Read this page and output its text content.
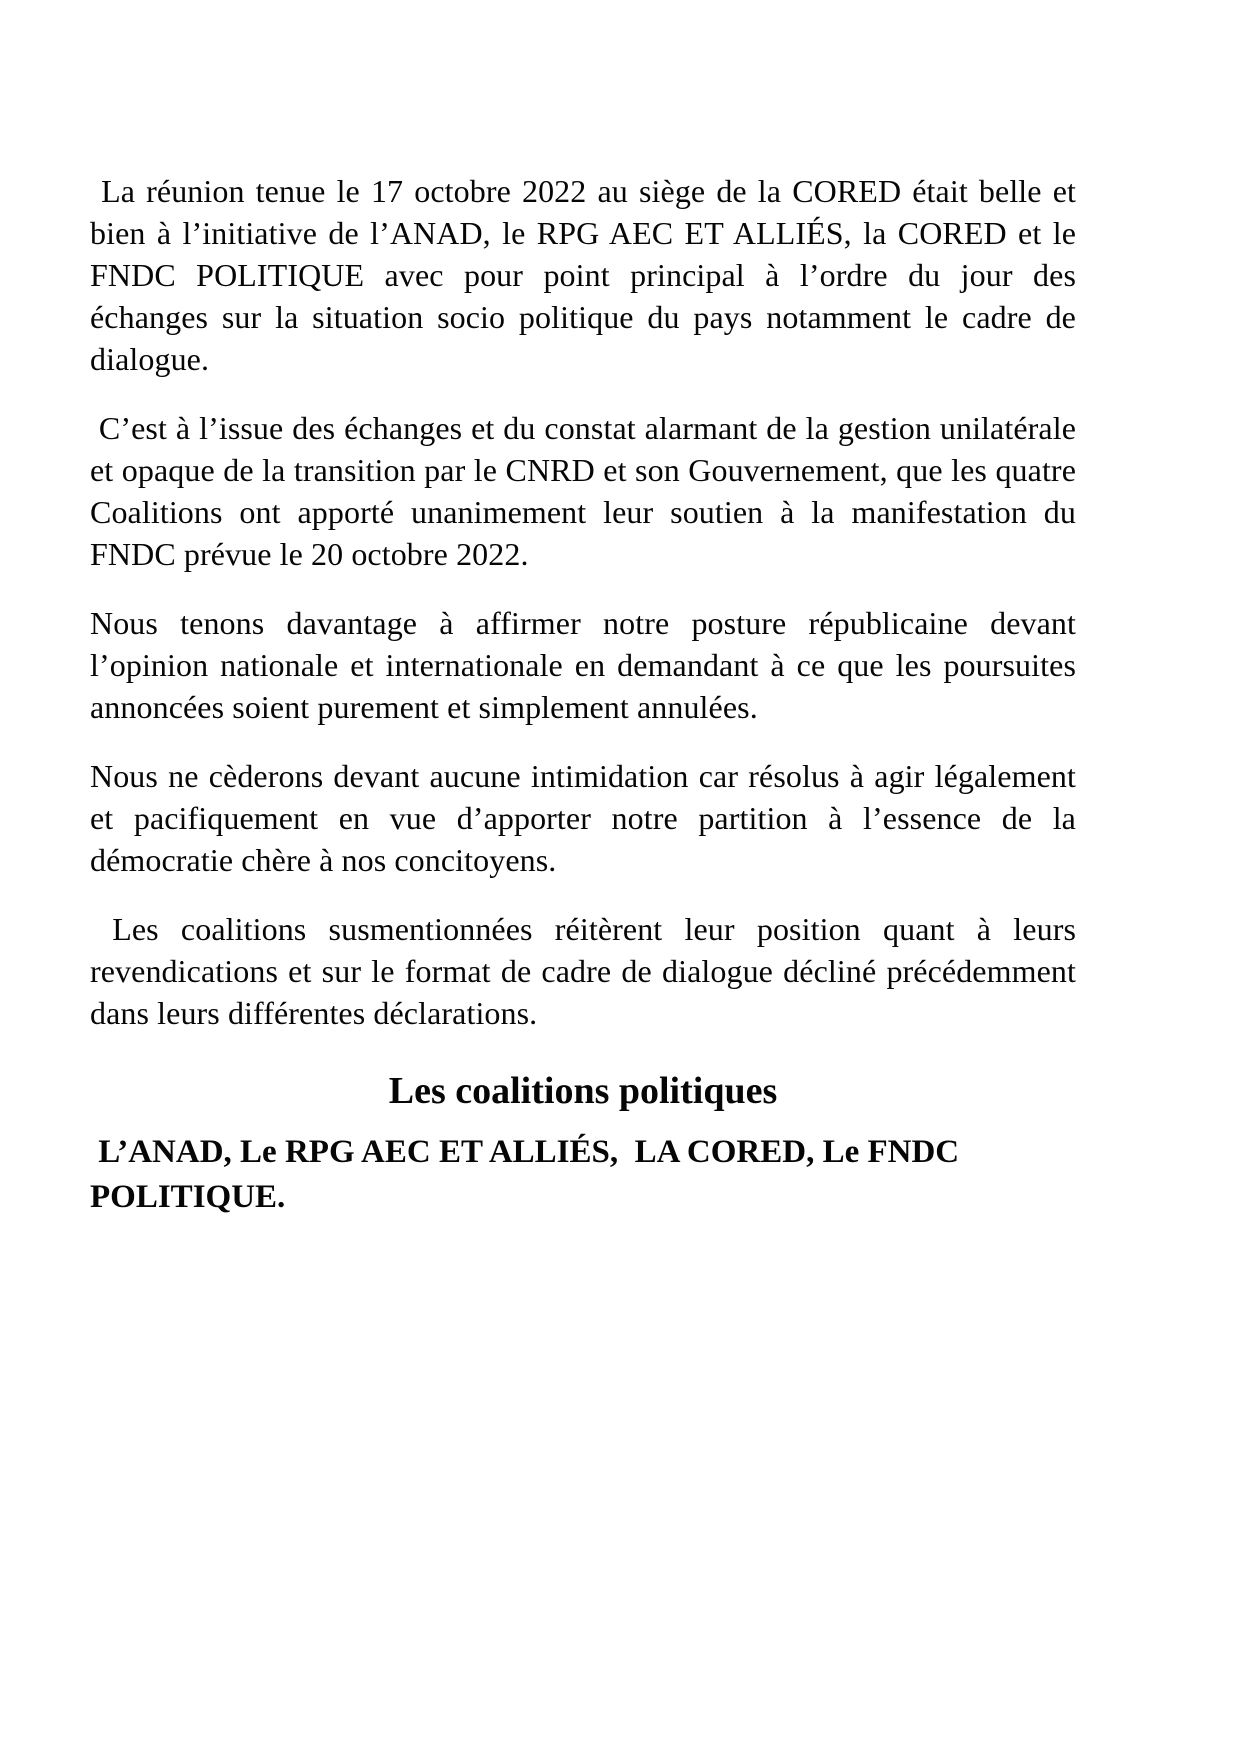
La réunion tenue le 17 octobre 2022 au siège de la CORED était belle et bien à l’initiative de l’ANAD, le RPG AEC ET ALLIÉS, la CORED et le FNDC POLITIQUE avec pour point principal à l’ordre du jour des échanges sur la situation socio politique du pays notamment le cadre de dialogue.

C’est à l’issue des échanges et du constat alarmant de la gestion unilatérale et opaque de la transition par le CNRD et son Gouvernement, que les quatre Coalitions ont apporté unanimement leur soutien à la manifestation du FNDC prévue le 20 octobre 2022.

Nous tenons davantage à affirmer notre posture républicaine devant l’opinion nationale et internationale en demandant à ce que les poursuites annoncées soient purement et simplement annulées.

Nous ne cèderons devant aucune intimidation car résolus à agir légalement et pacifiquement en vue d’apporter notre partition à l’essence de la démocratie chère à nos concitoyens.

Les coalitions susmentionnées réitèrent leur position quant à leurs revendications et sur le format de cadre de dialogue décliné précédemment dans leurs différentes déclarations.

Les coalitions politiques

L’ANAD, Le RPG AEC ET ALLIÉS,  LA CORED, Le FNDC POLITIQUE.
